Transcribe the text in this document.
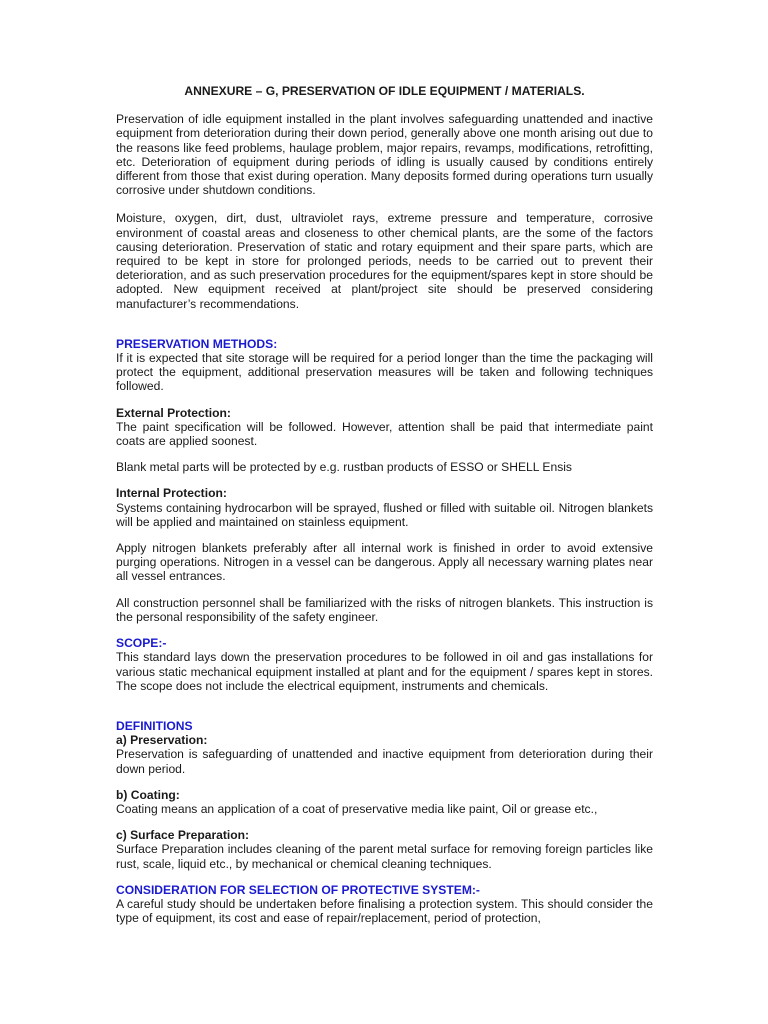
ANNEXURE – G, PRESERVATION OF IDLE EQUIPMENT / MATERIALS.

Preservation of idle equipment installed in the plant involves safeguarding unattended and inactive equipment from deterioration during their down period, generally above one month arising out due to the reasons like feed problems, haulage problem, major repairs, revamps, modifications, retrofitting, etc. Deterioration of equipment during periods of idling is usually caused by conditions entirely different from those that exist during operation. Many deposits formed during operations turn usually corrosive under shutdown conditions.

Moisture, oxygen, dirt, dust, ultraviolet rays, extreme pressure and temperature, corrosive environment of coastal areas and closeness to other chemical plants, are the some of the factors causing deterioration. Preservation of static and rotary equipment and their spare parts, which are required to be kept in store for prolonged periods, needs to be carried out to prevent their deterioration, and as such preservation procedures for the equipment/spares kept in store should be adopted. New equipment received at plant/project site should be preserved considering manufacturer’s recommendations.

PRESERVATION METHODS:

If it is expected that site storage will be required for a period longer than the time the packaging will protect the equipment, additional preservation measures will be taken and following techniques followed.

External Protection:

The paint specification will be followed. However, attention shall be paid that intermediate paint coats are applied soonest.

Blank metal parts will be protected by e.g. rustban products of ESSO or SHELL Ensis

Internal Protection:

Systems containing hydrocarbon will be sprayed, flushed or filled with suitable oil. Nitrogen blankets will be applied and maintained on stainless equipment.

Apply nitrogen blankets preferably after all internal work is finished in order to avoid extensive purging operations. Nitrogen in a vessel can be dangerous. Apply all necessary warning plates near all vessel entrances.

All construction personnel shall be familiarized with the risks of nitrogen blankets. This instruction is the personal responsibility of the safety engineer.

SCOPE:-

This standard lays down the preservation procedures to be followed in oil and gas installations for various static mechanical equipment installed at plant and for the equipment / spares kept in stores. The scope does not include the electrical equipment, instruments and chemicals.

DEFINITIONS

a) Preservation:

Preservation is safeguarding of unattended and inactive equipment from deterioration during their down period.

b) Coating:

Coating means an application of a coat of preservative media like paint, Oil or grease etc.,

c) Surface Preparation:

Surface Preparation includes cleaning of the parent metal surface for removing foreign particles like rust, scale, liquid etc., by mechanical or chemical cleaning techniques.

CONSIDERATION FOR SELECTION OF PROTECTIVE SYSTEM:-

A careful study should be undertaken before finalising a protection system. This should consider the type of equipment, its cost and ease of repair/replacement, period of protection,
